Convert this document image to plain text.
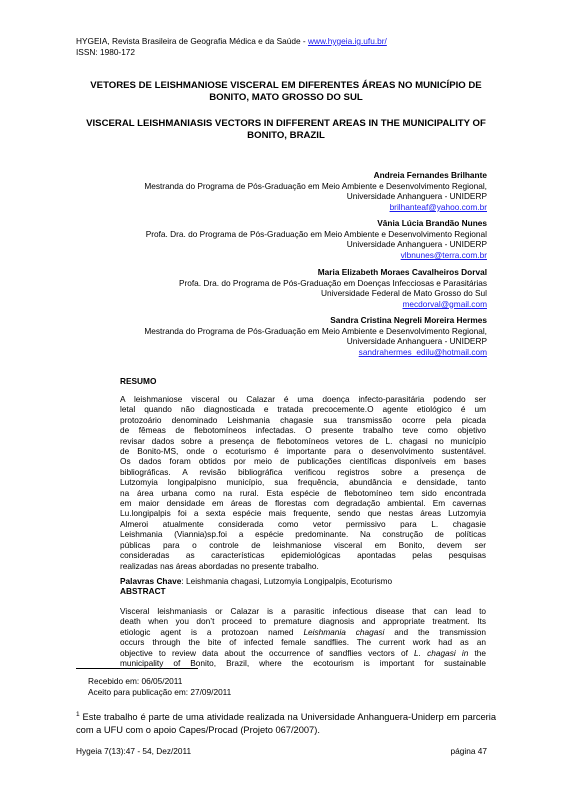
HYGEIA, Revista Brasileira de Geografia Médica e da Saúde - www.hygeia.ig.ufu.br/
ISSN: 1980-172
VETORES DE LEISHMANIOSE VISCERAL EM DIFERENTES ÁREAS NO MUNICÍPIO DE
BONITO, MATO GROSSO DO SUL
VISCERAL LEISHMANIASIS VECTORS IN DIFFERENT AREAS IN THE MUNICIPALITY OF
BONITO, BRAZIL
Andreia Fernandes Brilhante
Mestranda do Programa de Pós-Graduação em Meio Ambiente e Desenvolvimento Regional,
Universidade Anhanguera - UNIDERP
brilhanteaf@yahoo.com.br
Vânia Lúcia Brandão Nunes
Profa. Dra. do Programa de Pós-Graduação em Meio Ambiente e Desenvolvimento Regional
Universidade Anhanguera - UNIDERP
vlbnunes@terra.com.br
Maria Elizabeth Moraes Cavalheiros Dorval
Profa. Dra. do Programa de Pós-Graduação em Doenças Infecciosas e Parasitárias
Universidade Federal de Mato Grosso do Sul
mecdorval@gmail.com
Sandra Cristina Negreli Moreira Hermes
Mestranda do Programa de Pós-Graduação em Meio Ambiente e Desenvolvimento Regional,
Universidade Anhanguera - UNIDERP
sandrahermes_edilu@hotmail.com
RESUMO
A leishmaniose visceral ou Calazar é uma doença infecto-parasitária podendo ser
letal quando não diagnosticada e tratada precocemente.O agente etiológico é um
protozoário denominado Leishmania chagasie sua transmissão ocorre pela picada
de fêmeas de flebotomíneos infectadas. O presente trabalho teve como objetivo
revisar dados sobre a presença de flebotomíneos vetores de L. chagasi no município
de Bonito-MS, onde o ecoturismo é importante para o desenvolvimento sustentável.
Os dados foram obtidos por meio de publicações científicas disponíveis em bases
bibliográficas. A revisão bibliográfica verificou registros sobre a presença de
Lutzomyia longipalpisno município, sua frequência, abundância e densidade, tanto
na área urbana como na rural. Esta espécie de flebotomíneo tem sido encontrada
em maior densidade em áreas de florestas com degradação ambiental. Em cavernas
Lu.longipalpis foi a sexta espécie mais frequente, sendo que nestas áreas Lutzomyia
Almeroi atualmente considerada como vetor permissivo para L. chagasie
Leishmania (Viannia)sp.foi a espécie predominante. Na construção de políticas
públicas para o controle de leishmaniose visceral em Bonito, devem ser
consideradas as características epidemiológicas apontadas pelas pesquisas
realizadas nas áreas abordadas no presente trabalho.
Palavras Chave: Leishmania chagasi, Lutzomyia Longipalpis, Ecoturismo
ABSTRACT
Visceral leishmaniasis or Calazar is a parasitic infectious disease that can lead to
death when you don’t proceed to premature diagnosis and appropriate treatment. Its
etiologic agent is a protozoan named Leishmania chagasi and the transmission
occurs through the bite of infected female sandflies. The current work had as an
objective to review data about the occurrence of sandflies vectors of L. chagasi in the
municipality of Bonito, Brazil, where the ecotourism is important for sustainable
Recebido em: 06/05/2011
Aceito para publicação em: 27/09/2011
$^1$ Este trabalho é parte de uma atividade realizada na Universidade Anhanguera-Uniderp em parceria com a UFU com o apoio Capes/Procad (Projeto 067/2007).
Hygeia 7(13):47 - 54, Dez/2011	página 47
